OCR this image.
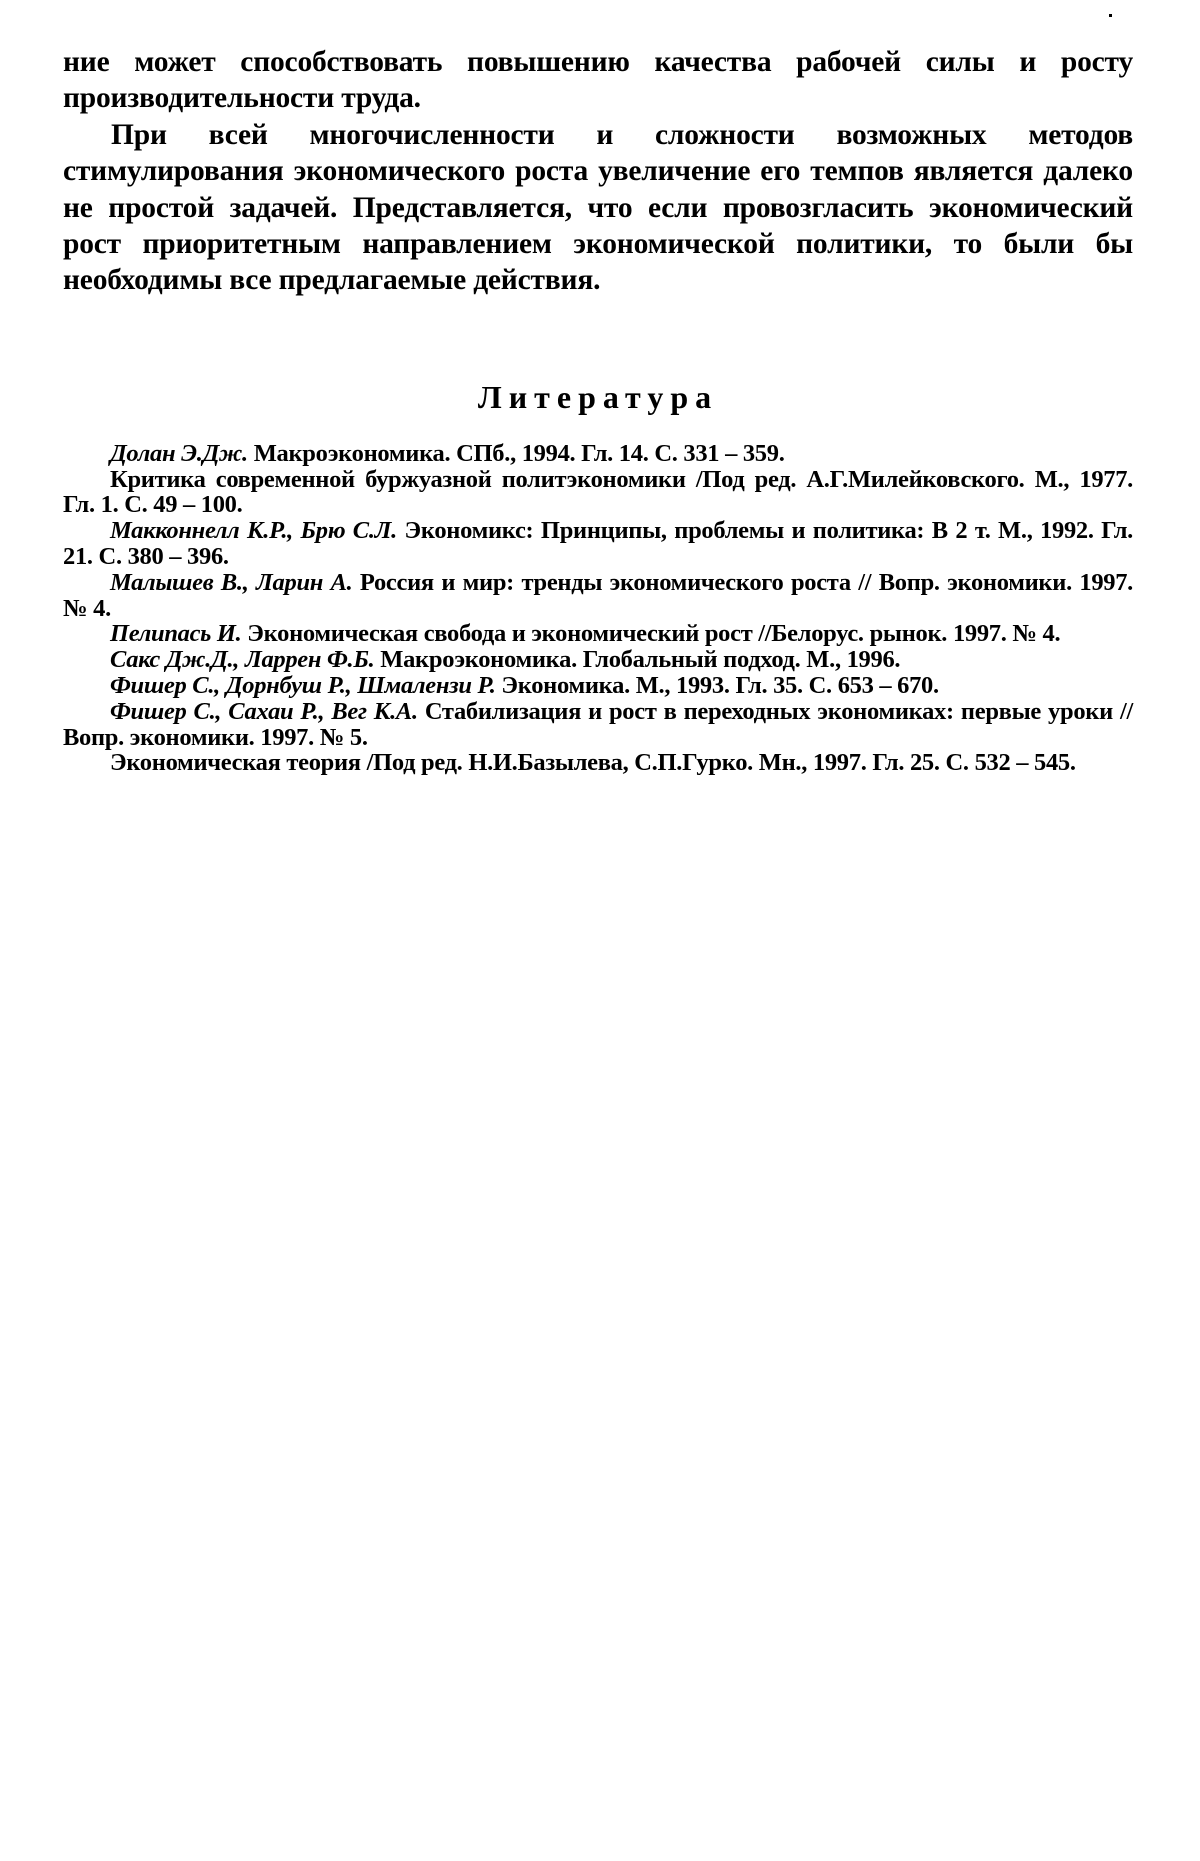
ние может способствовать повышению качества рабочей силы и росту производительности труда.

При всей многочисленности и сложности возможных методов стимулирования экономического роста увеличение его темпов является далеко не простой задачей. Представляется, что если провозгласить экономический рост приоритетным направлением экономической политики, то были бы необходимы все предлагаемые действия.

Литература

Долан Э.Дж. Макроэкономика. СПб., 1994. Гл. 14. С. 331 – 359.

Критика современной буржуазной политэкономики /Под ред. А.Г.Милейковского. М., 1977. Гл. 1. С. 49 – 100.

Макконнелл К.Р., Брю С.Л. Экономикс: Принципы, проблемы и политика: В 2 т. М., 1992. Гл. 21. С. 380 – 396.

Малышев В., Ларин А. Россия и мир: тренды экономического роста // Вопр. экономики. 1997. № 4.

Пелипась И. Экономическая свобода и экономический рост //Белорус. рынок. 1997. № 4.

Сакс Дж.Д., Ларрен Ф.Б. Макроэкономика. Глобальный подход. М., 1996.

Фишер С., Дорнбуш Р., Шмалензи Р. Экономика. М., 1993. Гл. 35. С. 653 – 670.

Фишер С., Сахаи Р., Вег К.А. Стабилизация и рост в переходных экономиках: первые уроки //Вопр. экономики. 1997. № 5.

Экономическая теория /Под ред. Н.И.Базылева, С.П.Гурко. Мн., 1997. Гл. 25. С. 532 – 545.
